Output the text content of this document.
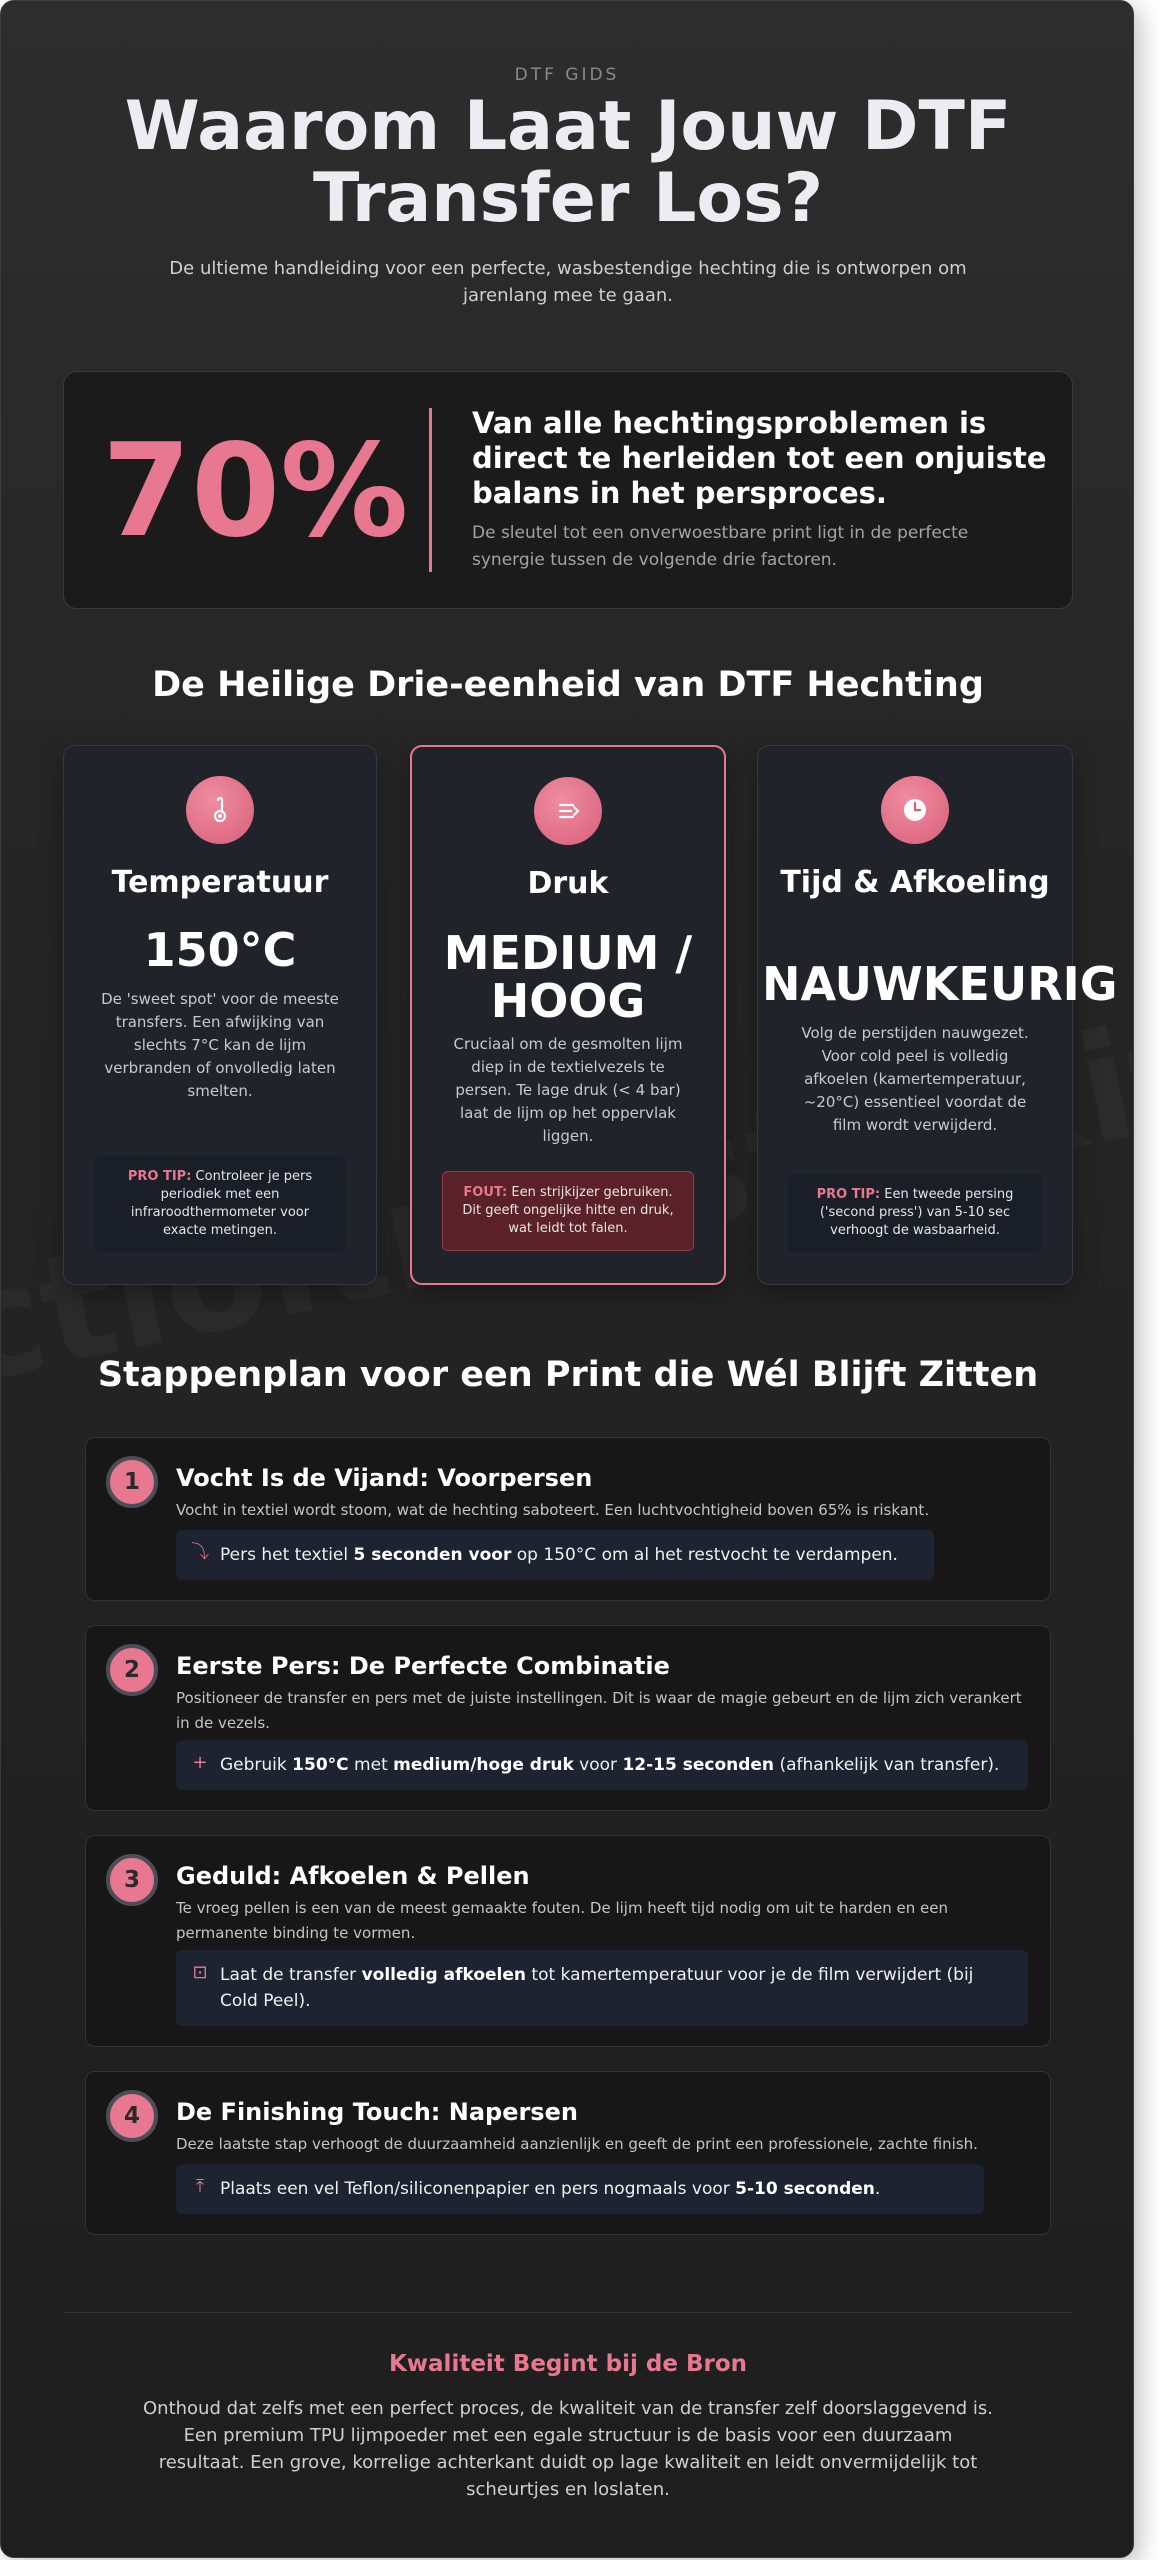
DTF GIDS
Waarom Laat Jouw DTF Transfer Los?

De ultieme handleiding voor een perfecte, wasbestendige hechting die is ontworpen om jarenlang mee te gaan.

70% Van alle hechtingsproblemen is direct te herleiden tot een onjuiste balans in het persproces.
De sleutel tot een onverwoestbare print ligt in de perfecte synergie tussen de volgende drie factoren.
De Heilige Drie-eenheid van DTF Hechting
Temperatuur
150°C
De 'sweet spot' voor de meeste transfers. Een afwijking van slechts 7°C kan de lijm verbranden of onvolledig laten smelten.
PRO TIP: Controleer je pers periodiek met een infraroodthermometer voor exacte metingen.
Druk
MEDIUM / HOOG
Cruciaal om de gesmolten lijm diep in de textielvezels te persen. Te lage druk (< 4 bar) laat de lijm op het oppervlak liggen.
FOUT: Een strijkijzer gebruiken. Dit geeft ongelijke hitte en druk, wat leidt tot falen.
Tijd & Afkoeling
NAUWKEURIG
Volg de perstijden nauwgezet. Voor cold peel is volledig afkoelen (kamertemperatuur, ~20°C) essentieel voordat de film wordt verwijderd.
PRO TIP: Een tweede persing ('second press') van 5-10 sec verhoogt de wasbaarheid.
Stappenplan voor een Print die Wél Blijft Zitten
1	Vocht Is de Vijand: Voorpersen
Vocht in textiel wordt stoom, wat de hechting saboteert. Een luchtvochtigheid boven 65% is riskant.
⤵ Pers het textiel 5 seconden voor op 150°C om al het restvocht te verdampen.
2	Eerste Pers: De Perfecte Combinatie
Positioneer de transfer en pers met de juiste instellingen. Dit is waar de magie gebeurt en de lijm zich verankert in de vezels.
+ Gebruik 150°C met medium/hoge druk voor 12-15 seconden (afhankelijk van transfer).
3	Geduld: Afkoelen & Pellen
Te vroeg pellen is een van de meest gemaakte fouten. De lijm heeft tijd nodig om uit te harden en een permanente binding te vormen.
⊡ Laat de transfer volledig afkoelen tot kamertemperatuur voor je de film verwijdert (bij Cold Peel).
4	De Finishing Touch: Napersen
Deze laatste stap verhoogt de duurzaamheid aanzienlijk en geeft de print een professionele, zachte finish.
⤒ Plaats een vel Teflon/siliconenpapier en pers nogmaals voor 5-10 seconden.
Kwaliteit Begint bij de Bron

Onthoud dat zelfs met een perfect proces, de kwaliteit van de transfer zelf doorslaggevend is. Een premium TPU lijmpoeder met een egale structuur is de basis voor een duurzaam resultaat. Een grove, korrelige achterkant duidt op lage kwaliteit en leidt onvermijdelijk tot scheurtjes en loslaten.
